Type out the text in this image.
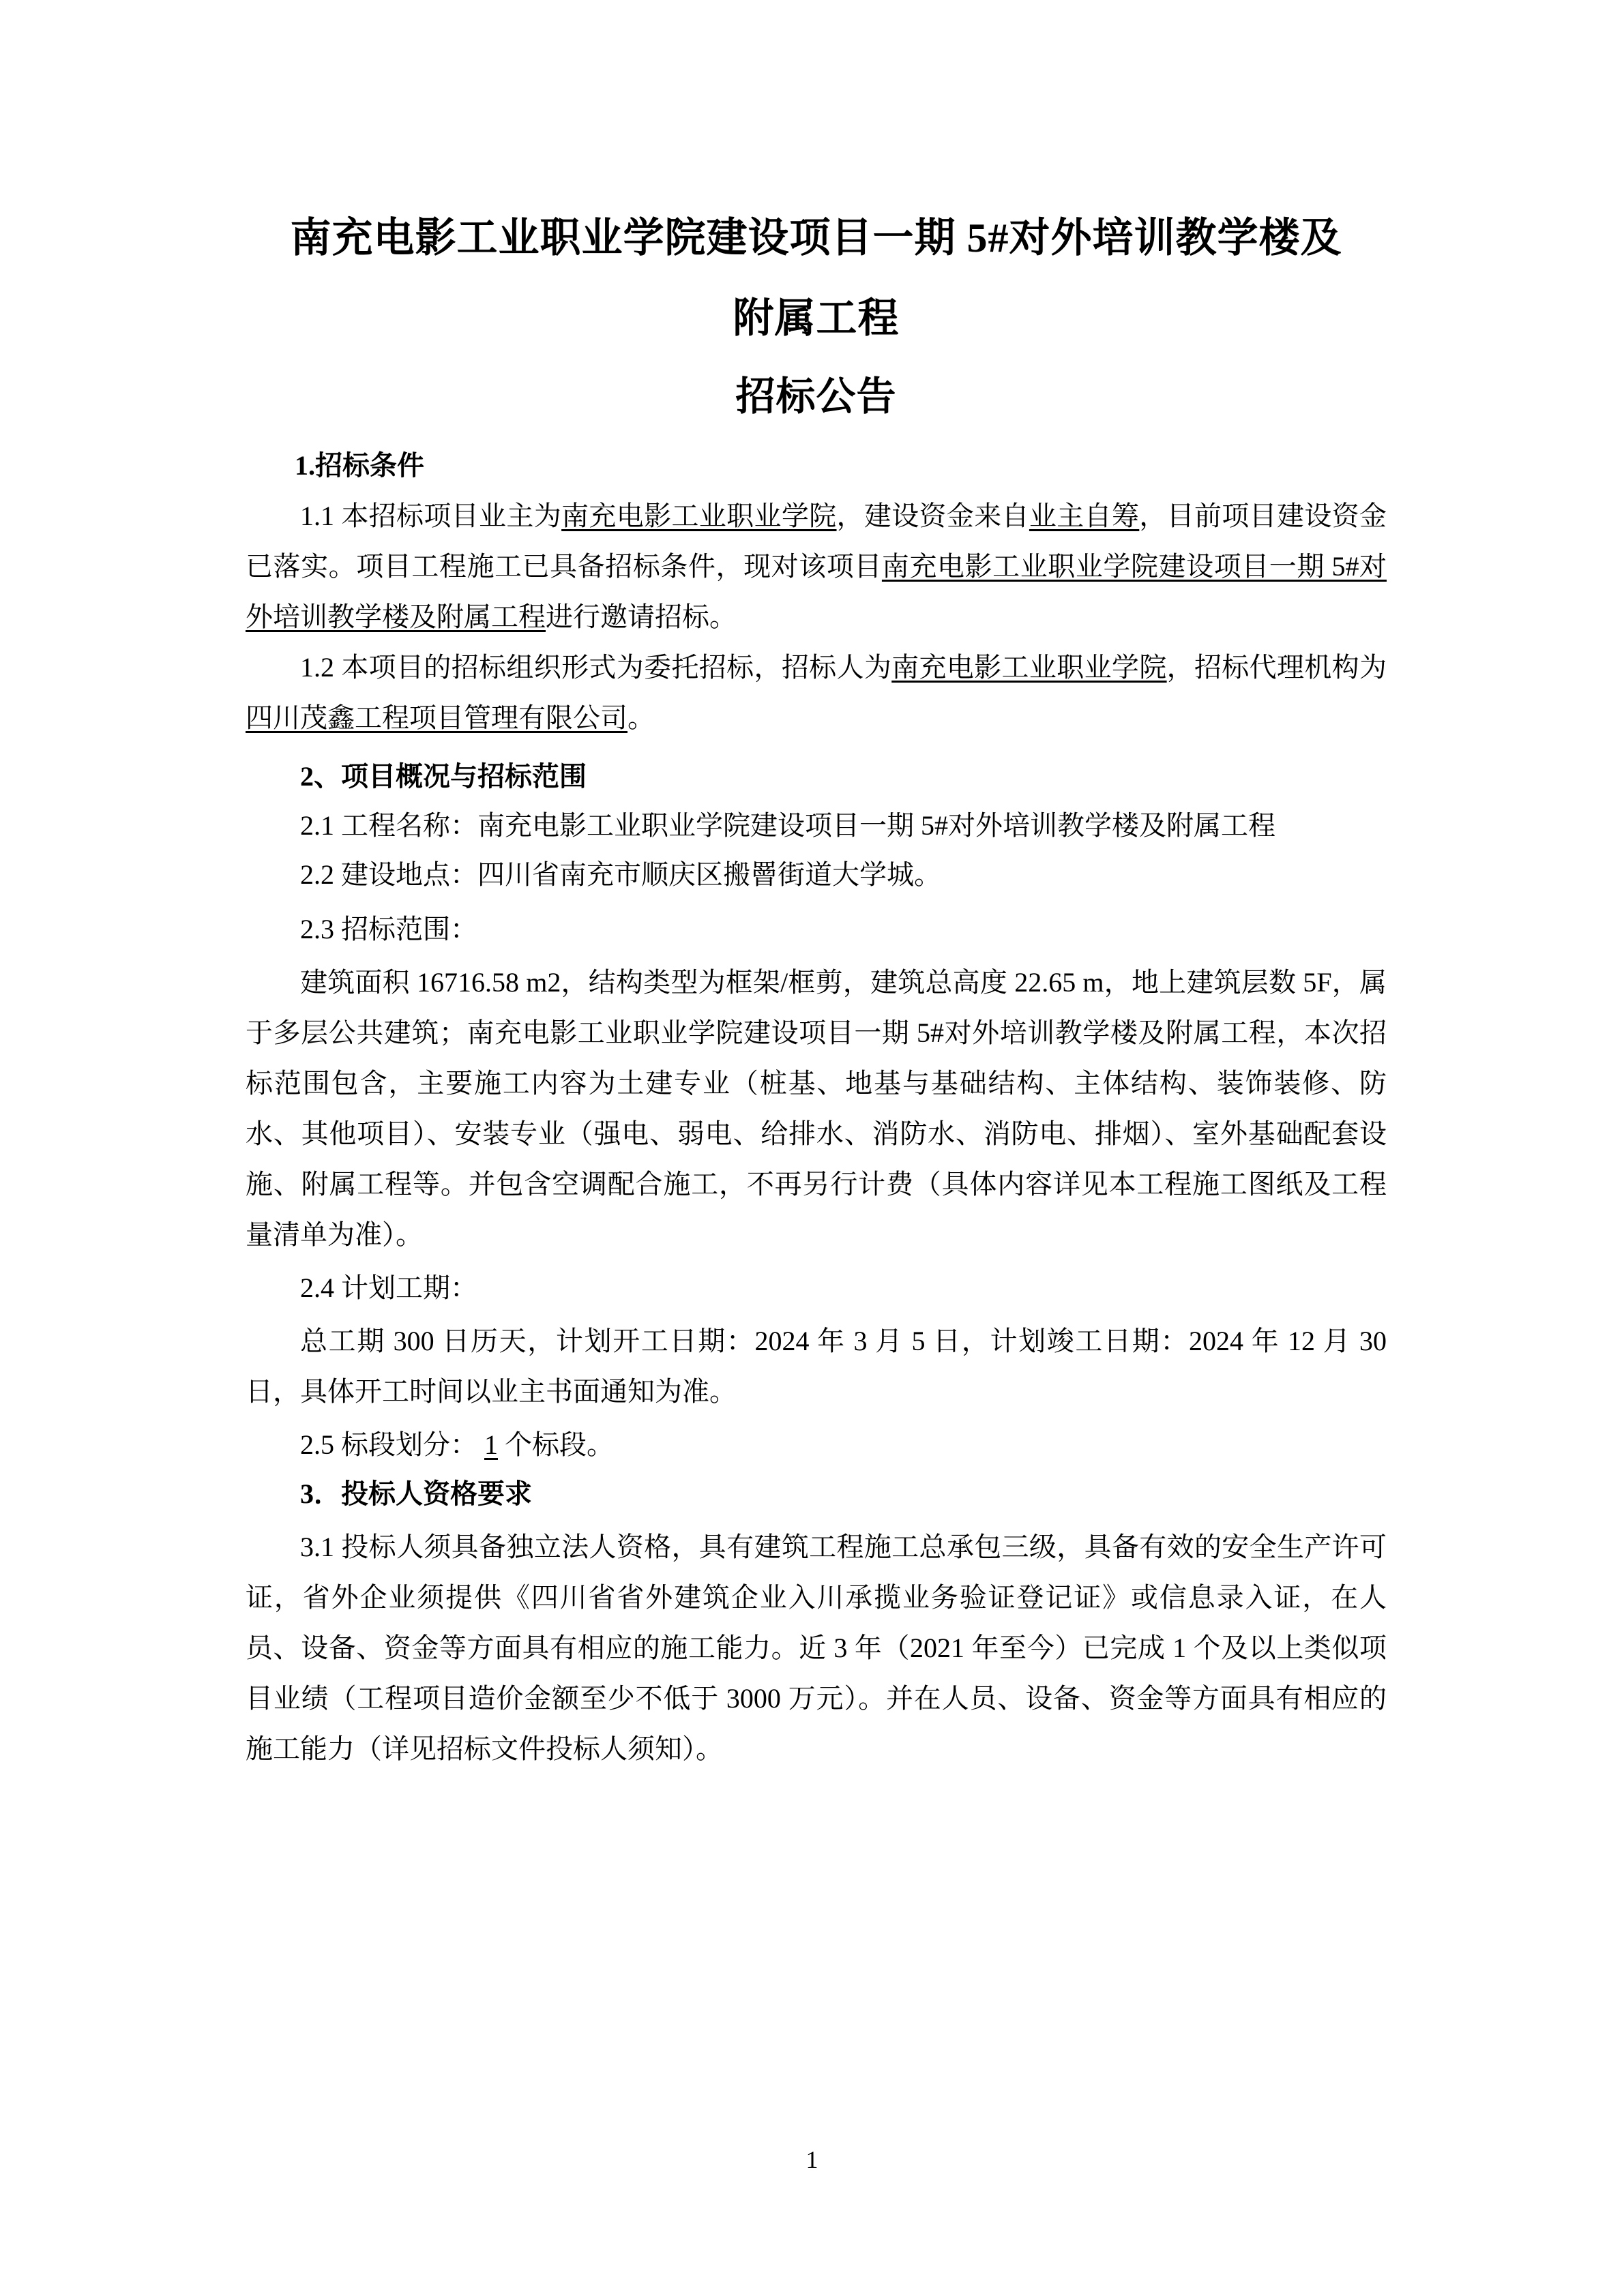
南充电影工业职业学院建设项目一期 5#对外培训教学楼及
附属工程
招标公告

1.招标条件

1.1 本招标项目业主为南充电影工业职业学院，建设资金来自业主自筹，目前项目建设资金已落实。项目工程施工已具备招标条件，现对该项目南充电影工业职业学院建设项目一期 5#对外培训教学楼及附属工程进行邀请招标。

1.2 本项目的招标组织形式为委托招标，招标人为南充电影工业职业学院，招标代理机构为四川茂鑫工程项目管理有限公司。

2、项目概况与招标范围

2.1 工程名称：南充电影工业职业学院建设项目一期 5#对外培训教学楼及附属工程

2.2 建设地点：四川省南充市顺庆区搬罾街道大学城。

2.3 招标范围：

建筑面积 16716.58 m2，结构类型为框架/框剪，建筑总高度 22.65 m，地上建筑层数 5F，属于多层公共建筑；南充电影工业职业学院建设项目一期 5#对外培训教学楼及附属工程，本次招标范围包含，主要施工内容为土建专业（桩基、地基与基础结构、主体结构、装饰装修、防水、其他项目）、安装专业（强电、弱电、给排水、消防水、消防电、排烟）、室外基础配套设施、附属工程等。并包含空调配合施工，不再另行计费（具体内容详见本工程施工图纸及工程量清单为准）。

2.4 计划工期：

总工期 300 日历天，计划开工日期：2024 年 3 月 5 日，计划竣工日期：2024 年 12 月 30 日，具体开工时间以业主书面通知为准。

2.5 标段划分： 1 个标段。

3．投标人资格要求

3.1 投标人须具备独立法人资格，具有建筑工程施工总承包三级，具备有效的安全生产许可证，省外企业须提供《四川省省外建筑企业入川承揽业务验证登记证》或信息录入证，在人员、设备、资金等方面具有相应的施工能力。近 3 年（2021 年至今）已完成 1 个及以上类似项目业绩（工程项目造价金额至少不低于 3000 万元）。并在人员、设备、资金等方面具有相应的施工能力（详见招标文件投标人须知）。

1
